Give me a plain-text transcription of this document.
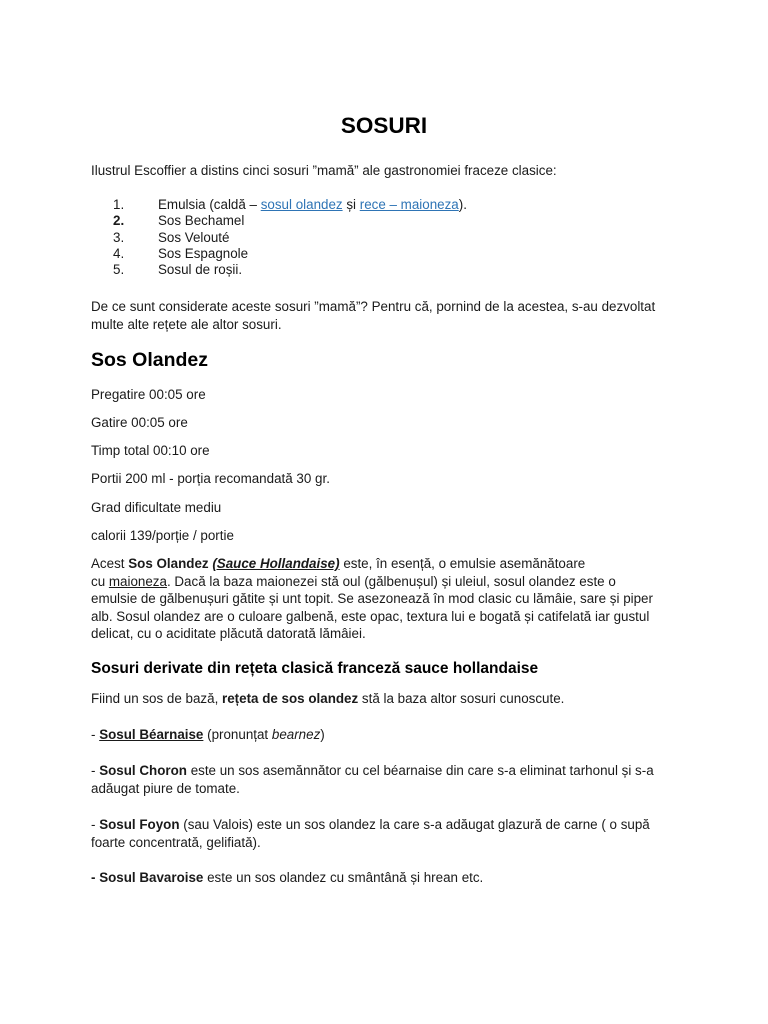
SOSURI

Ilustrul Escoffier a distins cinci sosuri ”mamă” ale gastronomiei fraceze clasice:

1.	Emulsia (caldă – sosul olandez și rece – maioneza).
2.	Sos Bechamel
3.	Sos Velouté
4.	Sos Espagnole
5.	Sosul de roșii.

De ce sunt considerate aceste sosuri ”mamă”? Pentru că, pornind de la acestea, s-au dezvoltat
multe alte rețete ale altor sosuri.

Sos Olandez

Pregatire 00:05 ore

Gatire 00:05 ore

Timp total 00:10 ore

Portii 200 ml - porția recomandată 30 gr.

Grad dificultate mediu

calorii 139/porție / portie

Acest Sos Olandez (Sauce Hollandaise) este, în esență, o emulsie asemănătoare
cu maioneza. Dacă la baza maionezei stă oul (gălbenușul) și uleiul, sosul olandez este o
emulsie de gălbenușuri gătite și unt topit. Se asezonează în mod clasic cu lămâie, sare și piper
alb. Sosul olandez are o culoare galbenă, este opac, textura lui e bogată și catifelată iar gustul
delicat, cu o aciditate plăcută datorată lămâiei.

Sosuri derivate din rețeta clasică franceză sauce hollandaise

Fiind un sos de bază, rețeta de sos olandez stă la baza altor sosuri cunoscute.

- Sosul Béarnaise (pronunțat bearnez)

- Sosul Choron este un sos asemănnător cu cel béarnaise din care s-a eliminat tarhonul și s-a
adăugat piure de tomate.

- Sosul Foyon (sau Valois) este un sos olandez la care s-a adăugat glazură de carne ( o supă
foarte concentrată, gelifiată).

- Sosul Bavaroise este un sos olandez cu smântână și hrean etc.
